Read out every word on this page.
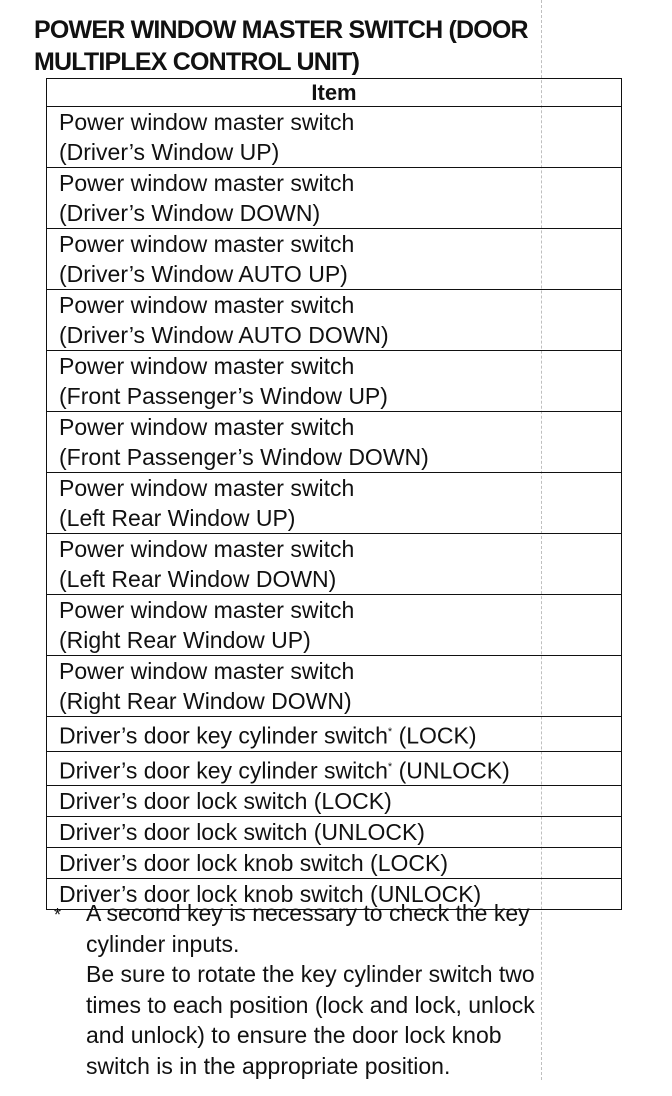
POWER WINDOW MASTER SWITCH (DOOR
MULTIPLEX CONTROL UNIT)
Item

Power window master switch
(Driver’s Window UP)

Power window master switch
(Driver’s Window DOWN)

Power window master switch
(Driver’s Window AUTO UP)

Power window master switch
(Driver’s Window AUTO DOWN)

Power window master switch
(Front Passenger’s Window UP)

Power window master switch
(Front Passenger’s Window DOWN)

Power window master switch
(Left Rear Window UP)

Power window master switch
(Left Rear Window DOWN)

Power window master switch
(Right Rear Window UP)

Power window master switch
(Right Rear Window DOWN)

Driver’s door key cylinder switch* (LOCK)
Driver’s door key cylinder switch* (UNLOCK)
Driver’s door lock switch (LOCK)
Driver’s door lock switch (UNLOCK)
Driver’s door lock knob switch (LOCK)
Driver’s door lock knob switch (UNLOCK)
* A second key is necessary to check the key
cylinder inputs.
Be sure to rotate the key cylinder switch two
times to each position (lock and lock, unlock
and unlock) to ensure the door lock knob
switch is in the appropriate position.
